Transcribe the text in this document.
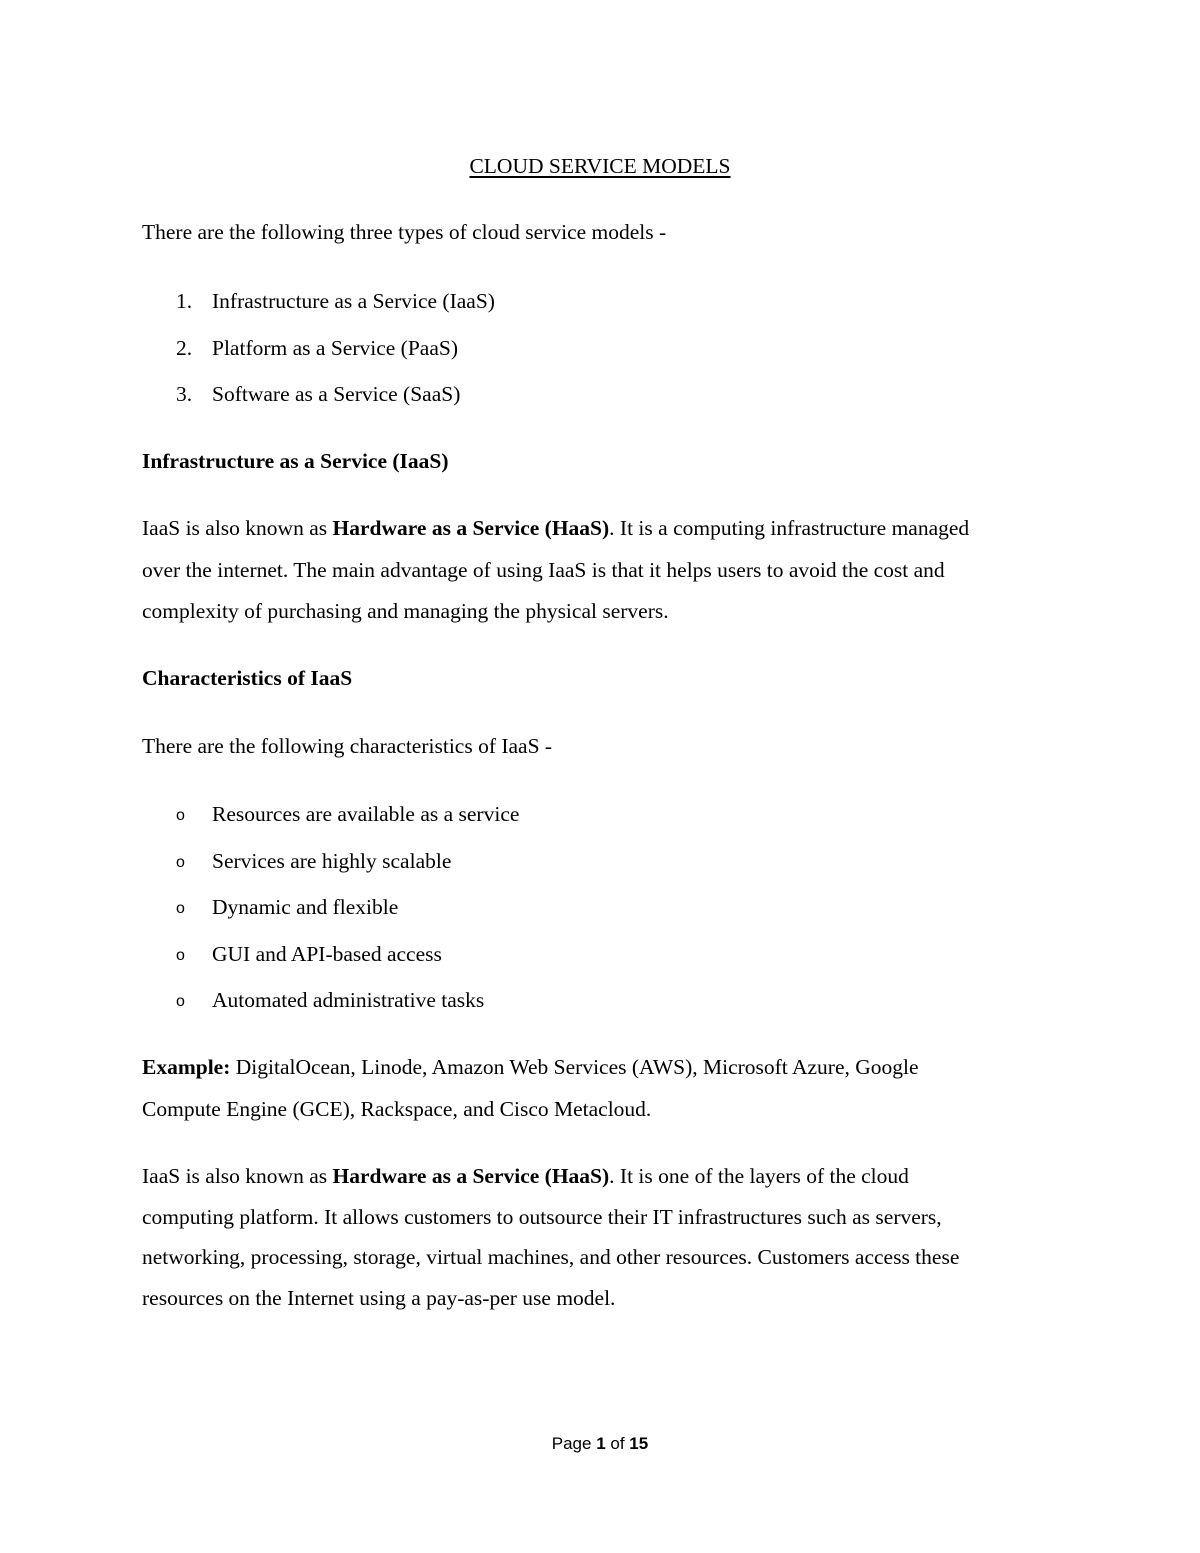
CLOUD SERVICE MODELS
There are the following three types of cloud service models -
1. Infrastructure as a Service (IaaS)
2. Platform as a Service (PaaS)
3. Software as a Service (SaaS)
Infrastructure as a Service (IaaS)
IaaS is also known as Hardware as a Service (HaaS). It is a computing infrastructure managed
over the internet. The main advantage of using IaaS is that it helps users to avoid the cost and
complexity of purchasing and managing the physical servers.
Characteristics of IaaS
There are the following characteristics of IaaS -
o Resources are available as a service
o Services are highly scalable
o Dynamic and flexible
o GUI and API-based access
o Automated administrative tasks
Example: DigitalOcean, Linode, Amazon Web Services (AWS), Microsoft Azure, Google
Compute Engine (GCE), Rackspace, and Cisco Metacloud.
IaaS is also known as Hardware as a Service (HaaS). It is one of the layers of the cloud
computing platform. It allows customers to outsource their IT infrastructures such as servers,
networking, processing, storage, virtual machines, and other resources. Customers access these
resources on the Internet using a pay-as-per use model.
Page 1 of 15
